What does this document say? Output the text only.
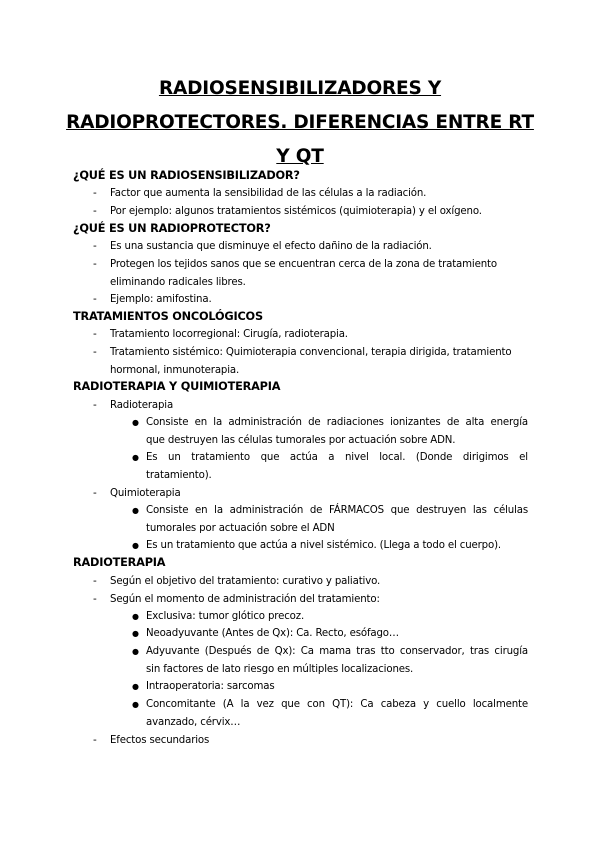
RADIOSENSIBILIZADORES Y
RADIOPROTECTORES. DIFERENCIAS ENTRE RT
Y QT
¿QUÉ ES UN RADIOSENSIBILIZADOR?
- Factor que aumenta la sensibilidad de las células a la radiación.
- Por ejemplo: algunos tratamientos sistémicos (quimioterapia) y el oxígeno.
¿QUÉ ES UN RADIOPROTECTOR?
- Es una sustancia que disminuye el efecto dañino de la radiación.
- Protegen los tejidos sanos que se encuentran cerca de la zona de tratamiento
eliminando radicales libres.
- Ejemplo: amifostina.
TRATAMIENTOS ONCOLÓGICOS
- Tratamiento locorregional: Cirugía, radioterapia.
- Tratamiento sistémico: Quimioterapia convencional, terapia dirigida, tratamiento
hormonal, inmunoterapia.
RADIOTERAPIA Y QUIMIOTERAPIA
- Radioterapia
● Consiste en la administración de radiaciones ionizantes de alta energía
que destruyen las células tumorales por actuación sobre ADN.
● Es un tratamiento que actúa a nivel local. (Donde dirigimos el
tratamiento).
- Quimioterapia
● Consiste en la administración de FÁRMACOS que destruyen las células
tumorales por actuación sobre el ADN
● Es un tratamiento que actúa a nivel sistémico. (Llega a todo el cuerpo).
RADIOTERAPIA
- Según el objetivo del tratamiento: curativo y paliativo.
- Según el momento de administración del tratamiento:
● Exclusiva: tumor glótico precoz.
● Neoadyuvante (Antes de Qx): Ca. Recto, esófago…
● Adyuvante (Después de Qx): Ca mama tras tto conservador, tras cirugía
sin factores de lato riesgo en múltiples localizaciones.
● Intraoperatoria: sarcomas
● Concomitante (A la vez que con QT): Ca cabeza y cuello localmente
avanzado, cérvix…
- Efectos secundarios
